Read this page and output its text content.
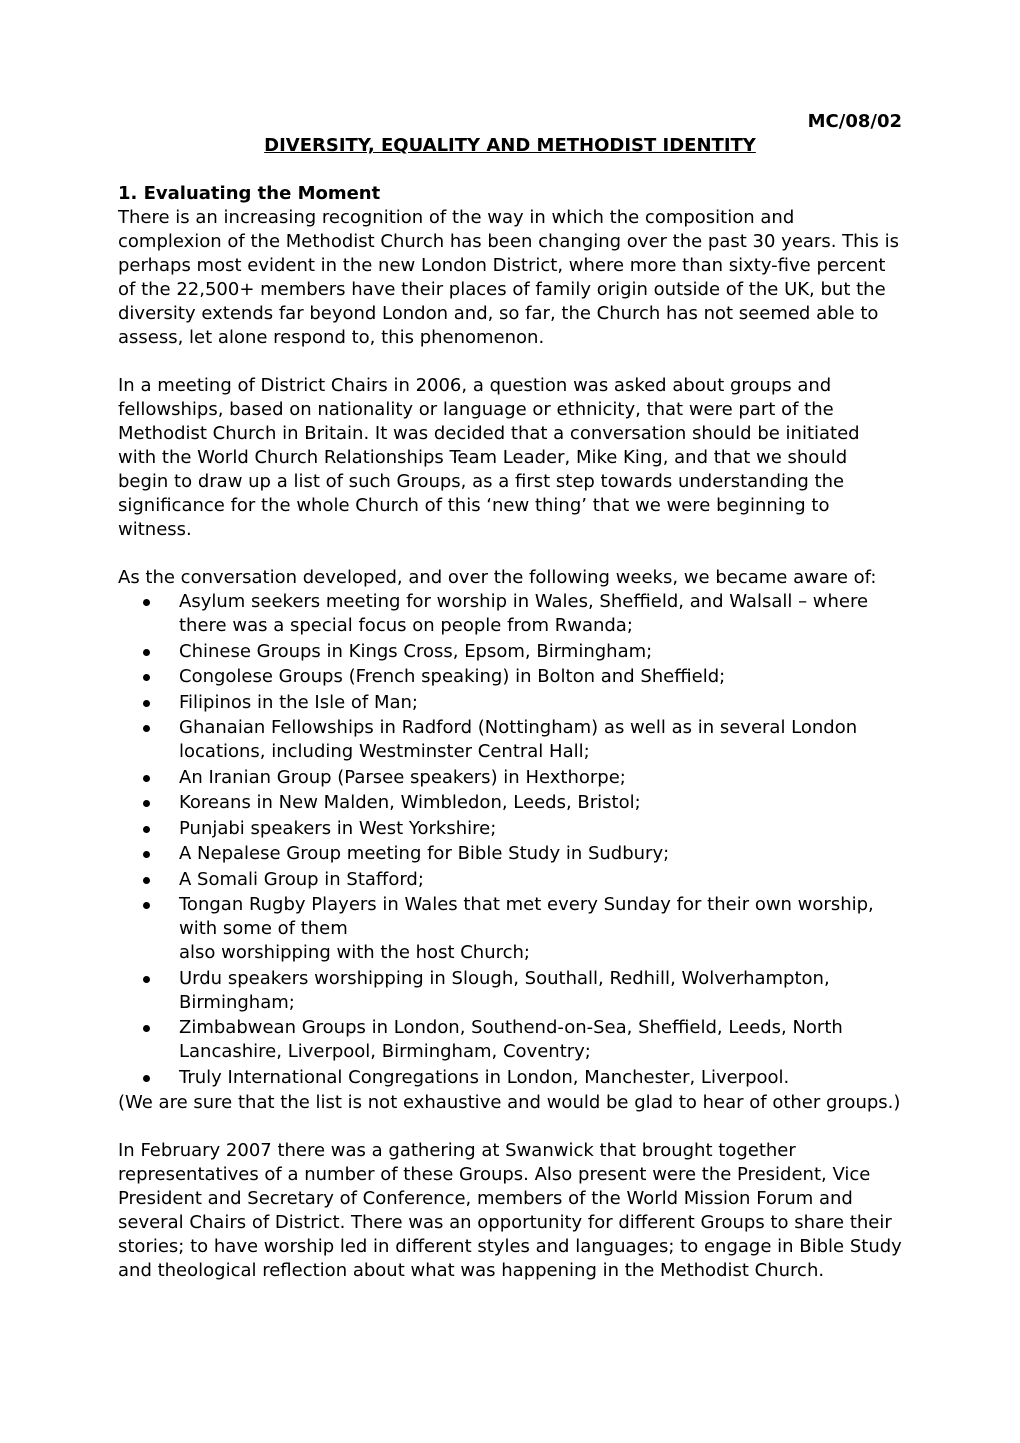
MC/08/02

DIVERSITY, EQUALITY AND METHODIST IDENTITY

1. Evaluating the Moment

There is an increasing recognition of the way in which the composition and complexion of the Methodist Church has been changing over the past 30 years. This is perhaps most evident in the new London District, where more than sixty-five percent of the 22,500+ members have their places of family origin outside of the UK, but the diversity extends far beyond London and, so far, the Church has not seemed able to assess, let alone respond to, this phenomenon.

In a meeting of District Chairs in 2006, a question was asked about groups and fellowships, based on nationality or language or ethnicity, that were part of the Methodist Church in Britain. It was decided that a conversation should be initiated with the World Church Relationships Team Leader, Mike King, and that we should begin to draw up a list of such Groups, as a first step towards understanding the significance for the whole Church of this ‘new thing’ that we were beginning to witness.

As the conversation developed, and over the following weeks, we became aware of:

Asylum seekers meeting for worship in Wales, Sheffield, and Walsall – where there was a special focus on people from Rwanda;
Chinese Groups in Kings Cross, Epsom, Birmingham;
Congolese Groups (French speaking) in Bolton and Sheffield;
Filipinos in the Isle of Man;
Ghanaian Fellowships in Radford (Nottingham) as well as in several London locations, including Westminster Central Hall;
An Iranian Group (Parsee speakers) in Hexthorpe;
Koreans in New Malden, Wimbledon, Leeds, Bristol;
Punjabi speakers in West Yorkshire;
A Nepalese Group meeting for Bible Study in Sudbury;
A Somali Group in Stafford;
Tongan Rugby Players in Wales that met every Sunday for their own worship, with some of them
also worshipping with the host Church;
Urdu speakers worshipping in Slough, Southall, Redhill, Wolverhampton, Birmingham;
Zimbabwean Groups in London, Southend-on-Sea, Sheffield, Leeds, North Lancashire, Liverpool, Birmingham, Coventry;
Truly International Congregations in London, Manchester, Liverpool.

(We are sure that the list is not exhaustive and would be glad to hear of other groups.)

In February 2007 there was a gathering at Swanwick that brought together representatives of a number of these Groups. Also present were the President, Vice President and Secretary of Conference, members of the World Mission Forum and several Chairs of District. There was an opportunity for different Groups to share their stories; to have worship led in different styles and languages; to engage in Bible Study and theological reflection about what was happening in the Methodist Church.
